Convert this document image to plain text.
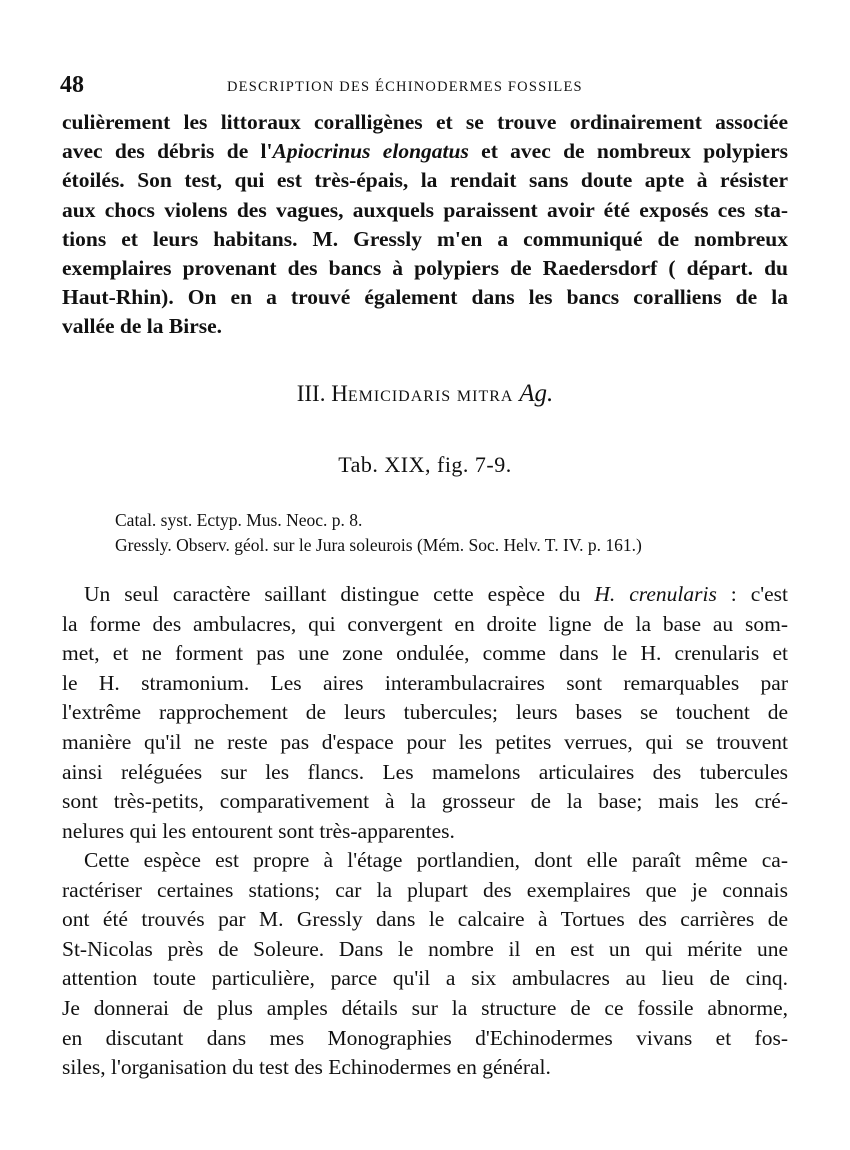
48	DESCRIPTION DES ÉCHINODERMES FOSSILES
culièrement les littoraux coralligènes et se trouve ordinairement associée
avec des débris de l'Apiocrinus elongatus et avec de nombreux polypiers
étoilés. Son test, qui est très-épais, la rendait sans doute apte à résister
aux chocs violens des vagues, auxquels paraissent avoir été exposés ces sta-
tions et leurs habitans. M. Gressly m'en a communiqué de nombreux
exemplaires provenant des bancs à polypiers de Raedersdorf ( départ. du
Haut-Rhin). On en a trouvé également dans les bancs coralliens de la
vallée de la Birse.
III. HEMICIDARIS MITRA Ag.
Tab. XIX, fig. 7-9.
Catal. syst. Ectyp. Mus. Neoc. p. 8.
Gressly. Observ. géol. sur le Jura soleurois (Mém. Soc. Helv. T. IV. p. 161.)
Un seul caractère saillant distingue cette espèce du H. crenularis : c'est
la forme des ambulacres, qui convergent en droite ligne de la base au som-
met, et ne forment pas une zone ondulée, comme dans le H. crenularis et
le H. stramonium. Les aires interambulacraires sont remarquables par
l'extrême rapprochement de leurs tubercules; leurs bases se touchent de
manière qu'il ne reste pas d'espace pour les petites verrues, qui se trouvent
ainsi reléguées sur les flancs. Les mamelons articulaires des tubercules
sont très-petits, comparativement à la grosseur de la base; mais les cré-
nelures qui les entourent sont très-apparentes.
Cette espèce est propre à l'étage portlandien, dont elle paraît même ca-
ractériser certaines stations; car la plupart des exemplaires que je connais
ont été trouvés par M. Gressly dans le calcaire à Tortues des carrières de
St-Nicolas près de Soleure. Dans le nombre il en est un qui mérite une
attention toute particulière, parce qu'il a six ambulacres au lieu de cinq.
Je donnerai de plus amples détails sur la structure de ce fossile abnorme,
en discutant dans mes Monographies d'Echinodermes vivans et fos-
siles, l'organisation du test des Echinodermes en général.
